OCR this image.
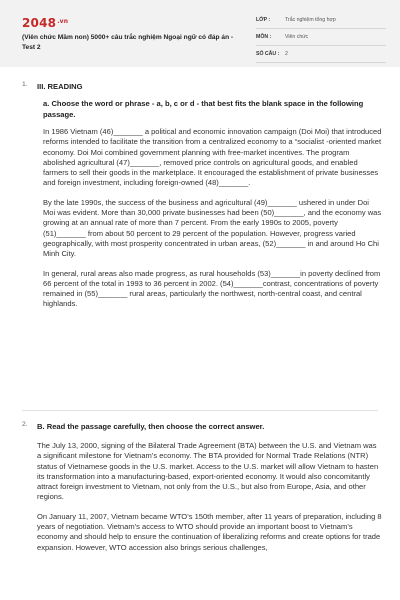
$2048^{.vn}$
(Viên chức Mầm non) 5000+ câu trắc nghiệm Ngoại ngữ có đáp án - Test 2
LỚP :	Trắc nghiệm tổng hợp
MÔN :	Viên chức
SỐ CÂU : 2
1. III. READING
a. Choose the word or phrase - a, b, c or d - that best fits the blank space in the following passage.

In 1986 Vietnam (46)_______ a political and economic innovation campaign (Doi Moi) that introduced reforms intended to facilitate the transition from a centralized economy to a “socialist -oriented market economy. Doi Moi combined government planning with free-market incentives. The program abolished agricultural (47)_______, removed price controls on agricultural goods, and enabled farmers to sell their goods in the marketplace. It encouraged the establishment of private businesses and foreign investment, including foreign-owned (48)_______.

By the late 1990s, the success of the business and agricultural (49)_______ ushered in under Doi Moi was evident. More than 30,000 private businesses had been (50)_______, and the economy was growing at an annual rate of more than 7 percent. From the early 1990s to 2005, poverty (51)_______ from about 50 percent to 29 percent of the population. However, progress varied geographically, with most prosperity concentrated in urban areas, (52)_______ in and around Ho Chi Minh City.

In general, rural areas also made progress, as rural households (53)_______in poverty declined from 66 percent of the total in 1993 to 36 percent in 2002. (54)_______contrast, concentrations of poverty remained in (55)_______ rural areas, particularly the northwest, north-central coast, and central highlands.

2. B. Read the passage carefully, then choose the correct answer.

The July 13, 2000, signing of the Bilateral Trade Agreement (BTA) between the U.S. and Vietnam was a significant milestone for Vietnam’s economy. The BTA provided for Normal Trade Relations (NTR) status of Vietnamese goods in the U.S. market. Access to the U.S. market will allow Vietnam to hasten its transformation into a manufacturing-based, export-oriented economy. It would also concomitantly attract foreign investment to Vietnam, not only from the U.S., but also from Europe, Asia, and other regions.

On January 11, 2007, Vietnam became WTO’s 150th member, after 11 years of preparation, including 8 years of negotiation. Vietnam’s access to WTO should provide an important boost to Vietnam’s economy and should help to ensure the continuation of liberalizing reforms and create options for trade expansion. However, WTO accession also brings serious challenges,
